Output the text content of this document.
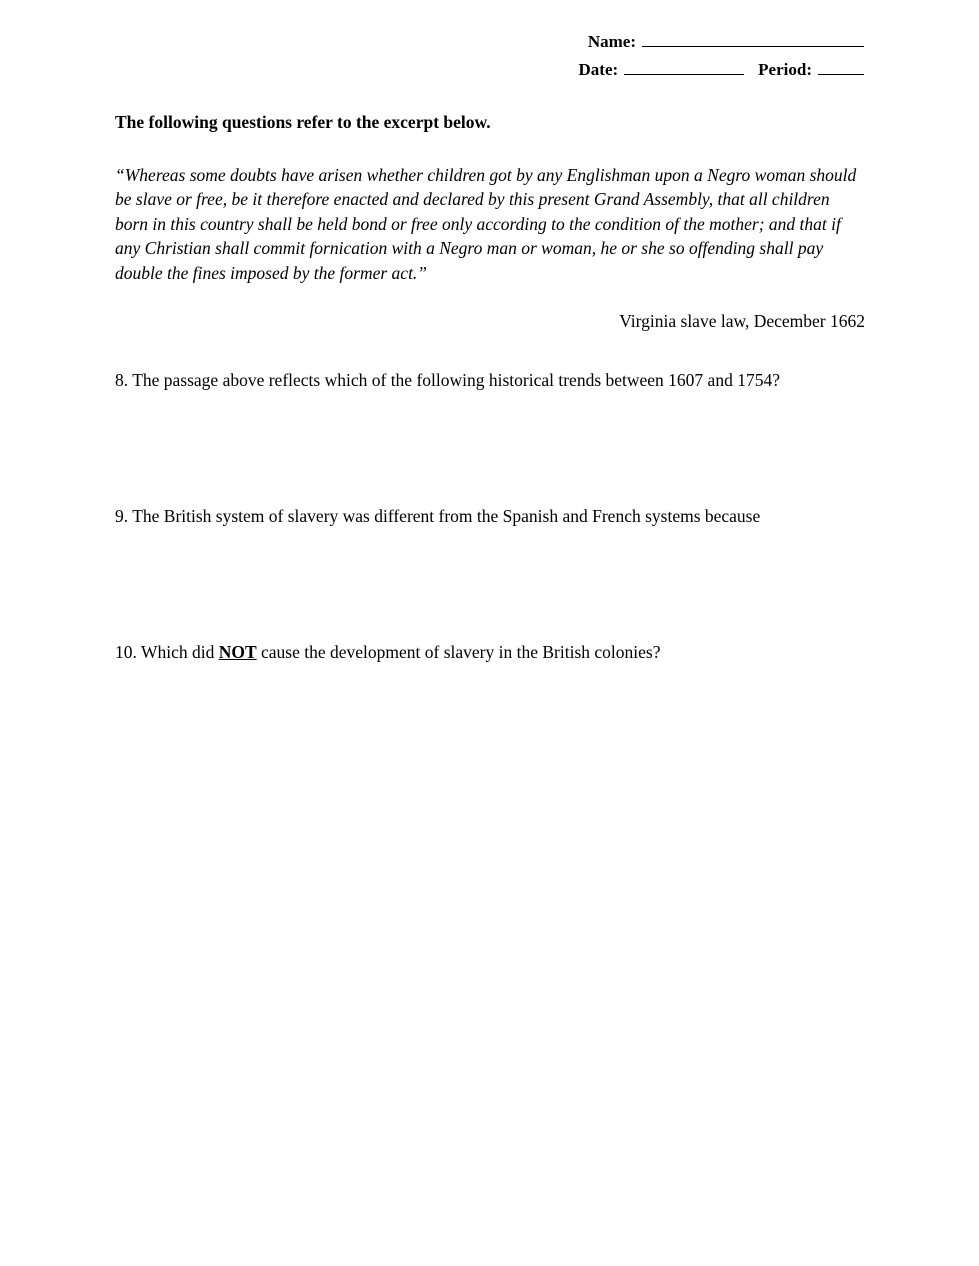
Name:
Date:	Period:

The following questions refer to the excerpt below.

“Whereas some doubts have arisen whether children got by any Englishman upon a Negro woman should be slave or free, be it therefore enacted and declared by this present Grand Assembly, that all children born in this country shall be held bond or free only according to the condition of the mother; and that if any Christian shall commit fornication with a Negro man or woman, he or she so offending shall pay double the fines imposed by the former act.”

Virginia slave law, December 1662

8. The passage above reflects which of the following historical trends between 1607 and 1754?
9. The British system of slavery was different from the Spanish and French systems because
10. Which did NOT cause the development of slavery in the British colonies?
